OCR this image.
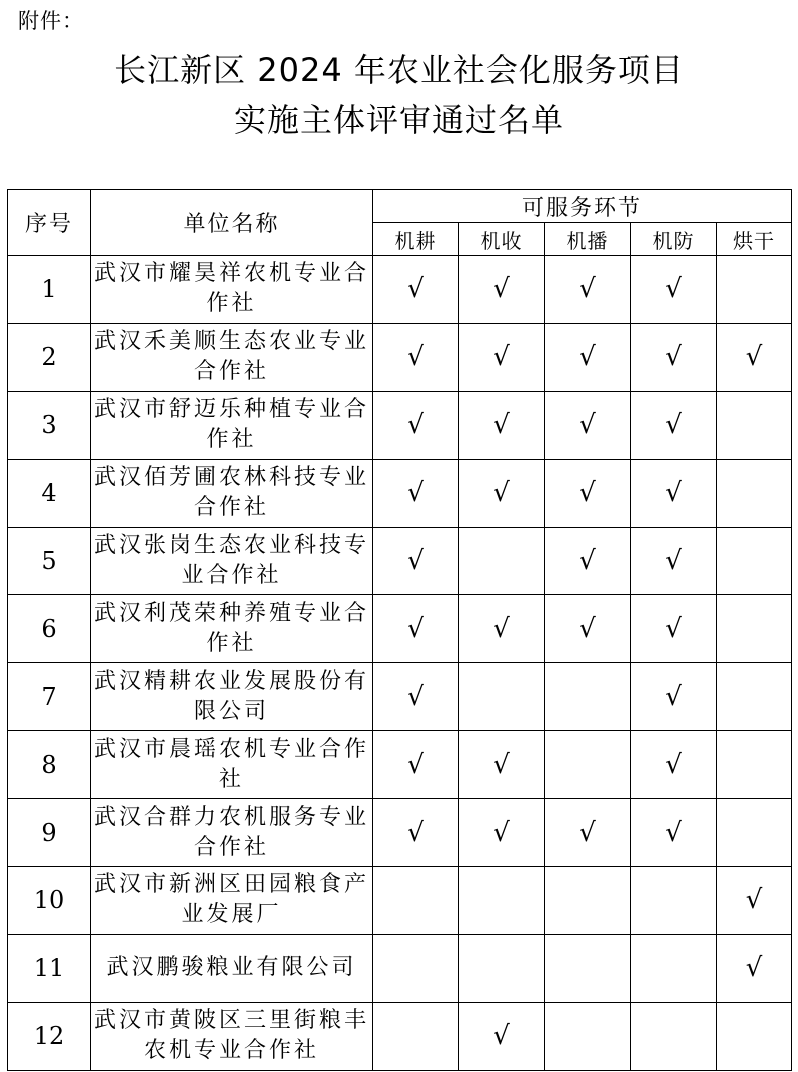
附件：
长江新区 2024 年农业社会化服务项目
实施主体评审通过名单
序号	单位名称	可服务环节				
		机耕	机收	机播	机防	烘干
1	武汉市耀昊祥农机专业合作社	√	√	√	√	
2	武汉禾美顺生态农业专业合作社	√	√	√	√	√
3	武汉市舒迈乐种植专业合作社	√	√	√	√	
4	武汉佰芳圃农林科技专业合作社	√	√	√	√	
5	武汉张岗生态农业科技专业合作社	√		√	√	
6	武汉利茂荣种养殖专业合作社	√	√	√	√	
7	武汉精耕农业发展股份有限公司	√			√	
8	武汉市晨瑶农机专业合作社	√	√		√	
9	武汉合群力农机服务专业合作社	√	√	√	√	
10	武汉市新洲区田园粮食产业发展厂					√
11	武汉鹏骏粮业有限公司					√
12	武汉市黄陂区三里街粮丰农机专业合作社		√			
